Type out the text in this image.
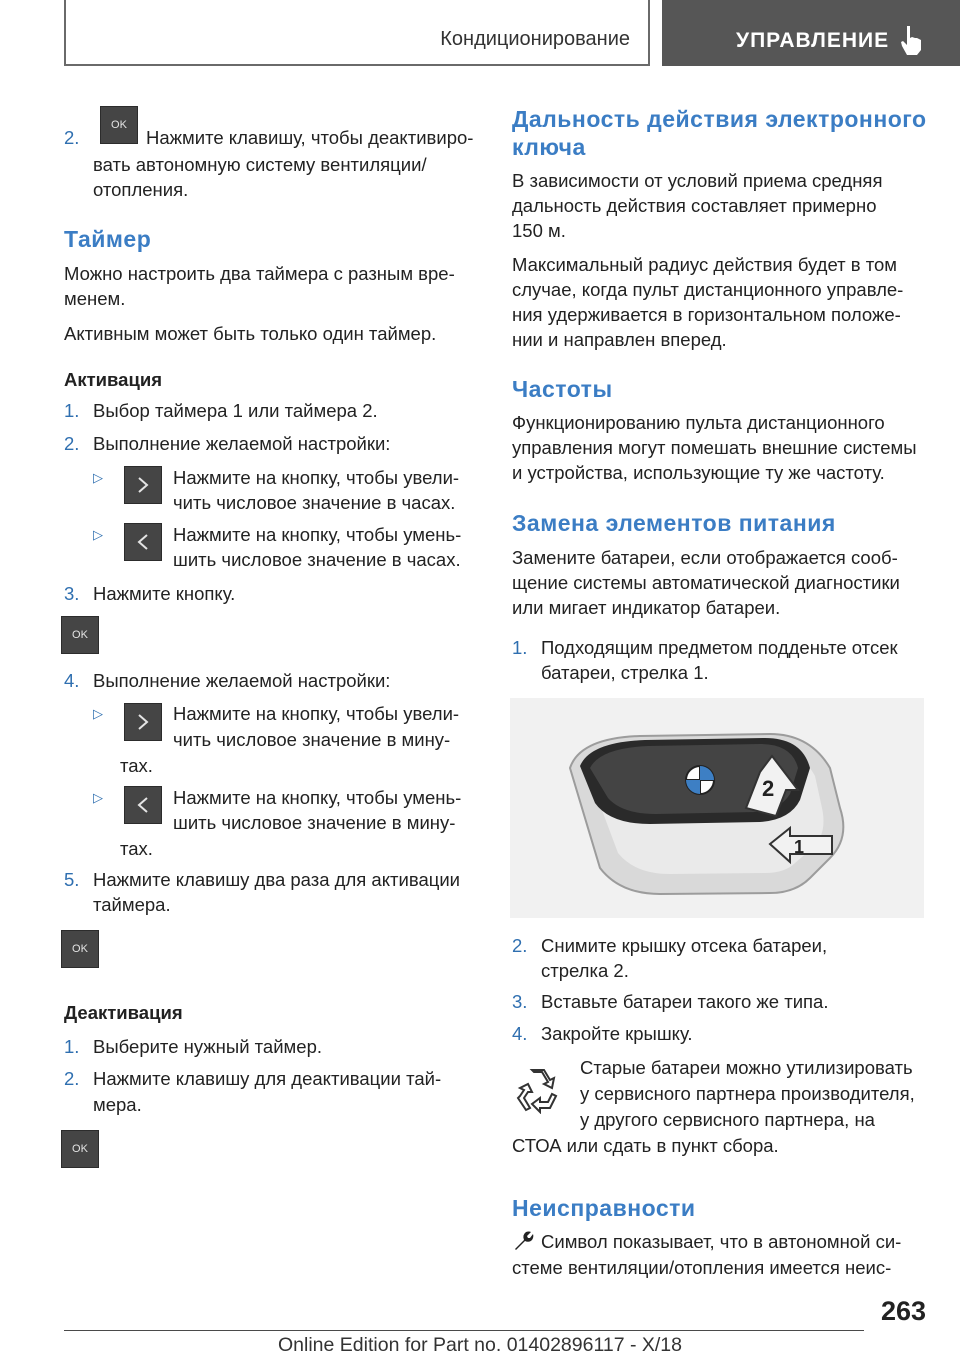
Кондиционирование	УПРАВЛЕНИЕ
2.
OK
Нажмите клавишу, чтобы деактивиро-
вать автономную систему вентиляции/
отопления.
Таймер
Можно настроить два таймера с разным вре-
менем.
Активным может быть только один таймер.
Активация
1. Выбор таймера 1 или таймера 2.
2. Выполнение желаемой настройки:
▷	Нажмите на кнопку, чтобы увели-
чить числовое значение в часах.
▷	Нажмите на кнопку, чтобы умень-
шить числовое значение в часах.
3. Нажмите кнопку.
OK
4. Выполнение желаемой настройки:
▷	Нажмите на кнопку, чтобы увели-
чить числовое значение в мину-
тах.
▷	Нажмите на кнопку, чтобы умень-
шить числовое значение в мину-
тах.
5. Нажмите клавишу два раза для активации
таймера.
OK
Деактивация
1. Выберите нужный таймер.
2. Нажмите клавишу для деактивации тай-
мера.
OK
Дальность действия электронного
ключа
В зависимости от условий приема средняя
дальность действия составляет примерно
150 м.
Максимальный радиус действия будет в том
случае, когда пульт дистанционного управле-
ния удерживается в горизонтальном положе-
нии и направлен вперед.
Частоты
Функционированию пульта дистанционного
управления могут помешать внешние системы
и устройства, использующие ту же частоту.
Замена элементов питания
Замените батареи, если отображается сооб-
щение системы автоматической диагностики
или мигает индикатор батареи.
1. Подходящим предметом подденьте отсек
батареи, стрелка 1.
2
1
2. Снимите крышку отсека батареи,
стрелка 2.
3. Вставьте батареи такого же типа.
4. Закройте крышку.
Старые батареи можно утилизировать
у сервисного партнера производителя,
у другого сервисного партнера, на
СТОА или сдать в пункт сбора.
Неисправности
Символ показывает, что в автономной си-
стеме вентиляции/отопления имеется неис-
263
Online Edition for Part no. 01402896117 - X/18
